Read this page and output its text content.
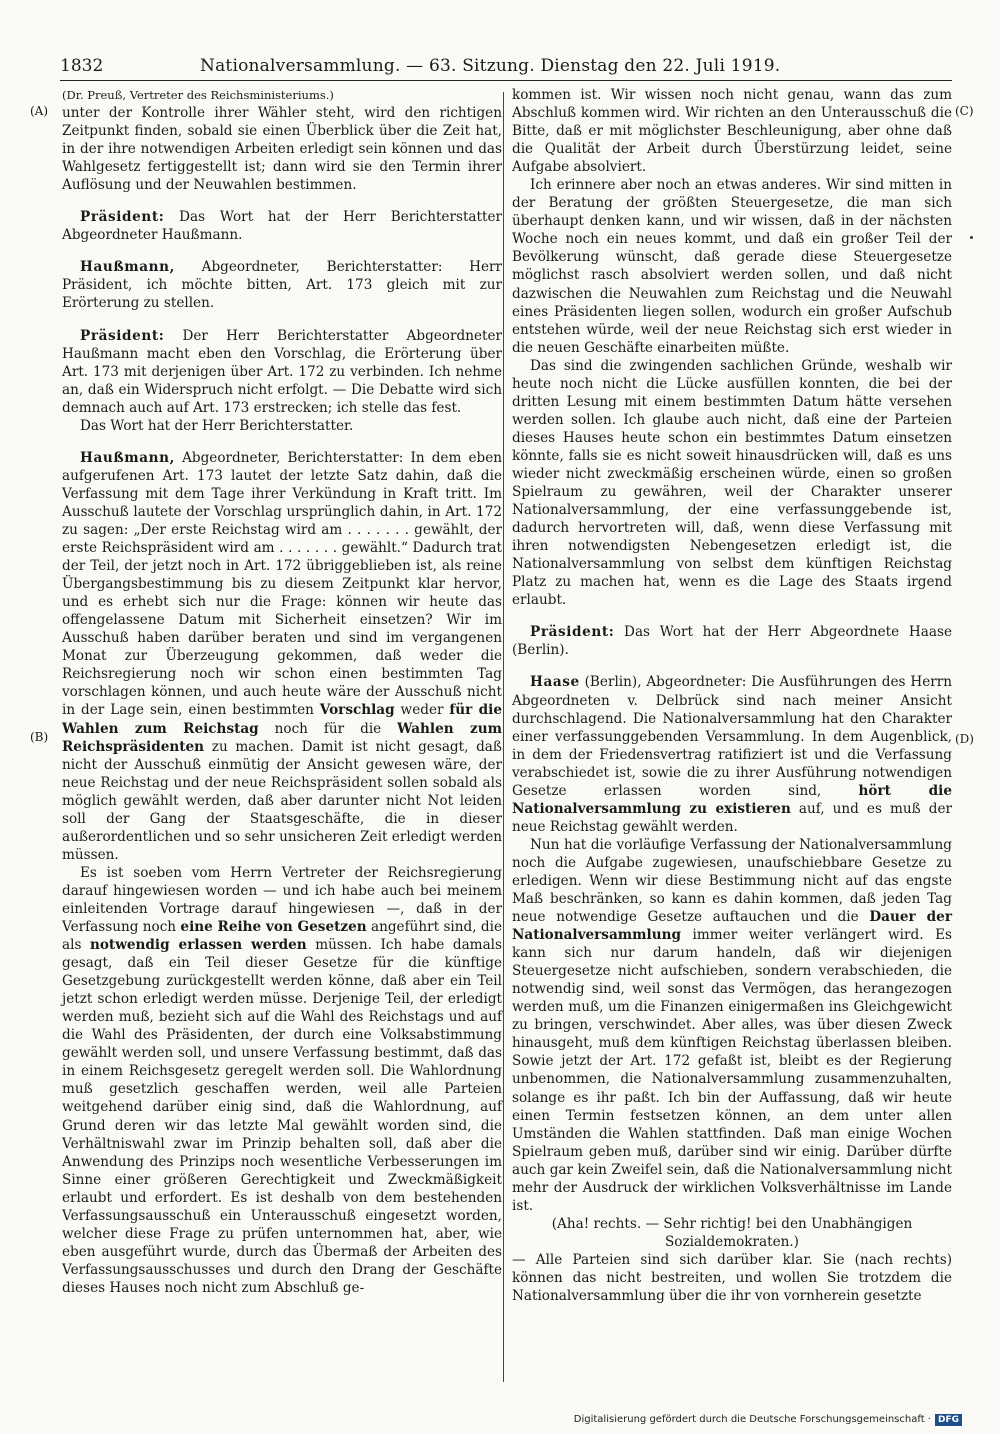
1832	Nationalversammlung. — 63. Sitzung. Dienstag den 22. Juli 1919.
(A)
(B)
(C)
(D)

(Dr. Preuß, Vertreter des Reichsministeriums.)

unter der Kontrolle ihrer Wähler steht, wird den richtigen Zeitpunkt finden, sobald sie einen Überblick über die Zeit hat, in der ihre notwendigen Arbeiten erledigt sein können und das Wahlgesetz fertiggestellt ist; dann wird sie den Termin ihrer Auflösung und der Neuwahlen bestimmen.

Präsident: Das Wort hat der Herr Berichterstatter Abgeordneter Haußmann.

Haußmann, Abgeordneter, Berichterstatter: Herr Präsident, ich möchte bitten, Art. 173 gleich mit zur Erörterung zu stellen.

Präsident: Der Herr Berichterstatter Abgeordneter Haußmann macht eben den Vorschlag, die Erörterung über Art. 173 mit derjenigen über Art. 172 zu verbinden. Ich nehme an, daß ein Widerspruch nicht erfolgt. — Die Debatte wird sich demnach auch auf Art. 173 erstrecken; ich stelle das fest.

Das Wort hat der Herr Berichterstatter.

Haußmann, Abgeordneter, Berichterstatter: In dem eben aufgerufenen Art. 173 lautet der letzte Satz dahin, daß die Verfassung mit dem Tage ihrer Verkündung in Kraft tritt. Im Ausschuß lautete der Vorschlag ursprünglich dahin, in Art. 172 zu sagen: „Der erste Reichstag wird am . . . . . . . gewählt, der erste Reichspräsident wird am . . . . . . . gewählt.“ Dadurch trat der Teil, der jetzt noch in Art. 172 übriggeblieben ist, als reine Übergangsbestimmung bis zu diesem Zeitpunkt klar hervor, und es erhebt sich nur die Frage: können wir heute das offengelassene Datum mit Sicherheit einsetzen? Wir im Ausschuß haben darüber beraten und sind im vergangenen Monat zur Überzeugung gekommen, daß weder die Reichsregierung noch wir schon einen bestimmten Tag vorschlagen können, und auch heute wäre der Ausschuß nicht in der Lage sein, einen bestimmten Vorschlag weder für die Wahlen zum Reichstag noch für die Wahlen zum Reichspräsidenten zu machen. Damit ist nicht gesagt, daß nicht der Ausschuß einmütig der Ansicht gewesen wäre, der neue Reichstag und der neue Reichspräsident sollen sobald als möglich gewählt werden, daß aber darunter nicht Not leiden soll der Gang der Staatsgeschäfte, die in dieser außerordentlichen und so sehr unsicheren Zeit erledigt werden müssen.

Es ist soeben vom Herrn Vertreter der Reichsregierung darauf hingewiesen worden — und ich habe auch bei meinem einleitenden Vortrage darauf hingewiesen —, daß in der Verfassung noch eine Reihe von Gesetzen angeführt sind, die als notwendig erlassen werden müssen. Ich habe damals gesagt, daß ein Teil dieser Gesetze für die künftige Gesetzgebung zurückgestellt werden könne, daß aber ein Teil jetzt schon erledigt werden müsse. Derjenige Teil, der erledigt werden muß, bezieht sich auf die Wahl des Reichstags und auf die Wahl des Präsidenten, der durch eine Volksabstimmung gewählt werden soll, und unsere Verfassung bestimmt, daß das in einem Reichsgesetz geregelt werden soll. Die Wahlordnung muß gesetzlich geschaffen werden, weil alle Parteien weitgehend darüber einig sind, daß die Wahlordnung, auf Grund deren wir das letzte Mal gewählt worden sind, die Verhältniswahl zwar im Prinzip behalten soll, daß aber die Anwendung des Prinzips noch wesentliche Verbesserungen im Sinne einer größeren Gerechtigkeit und Zweckmäßigkeit erlaubt und erfordert. Es ist deshalb von dem bestehenden Verfassungsausschuß ein Unterausschuß eingesetzt worden, welcher diese Frage zu prüfen unternommen hat, aber, wie eben ausgeführt wurde, durch das Übermaß der Arbeiten des Verfassungsausschusses und durch den Drang der Geschäfte dieses Hauses noch nicht zum Abschluß ge-

kommen ist. Wir wissen noch nicht genau, wann das zum Abschluß kommen wird. Wir richten an den Unterausschuß die Bitte, daß er mit möglichster Beschleunigung, aber ohne daß die Qualität der Arbeit durch Überstürzung leidet, seine Aufgabe absolviert.

Ich erinnere aber noch an etwas anderes. Wir sind mitten in der Beratung der größten Steuergesetze, die man sich überhaupt denken kann, und wir wissen, daß in der nächsten Woche noch ein neues kommt, und daß ein großer Teil der Bevölkerung wünscht, daß gerade diese Steuergesetze möglichst rasch absolviert werden sollen, und daß nicht dazwischen die Neuwahlen zum Reichstag und die Neuwahl eines Präsidenten liegen sollen, wodurch ein großer Aufschub entstehen würde, weil der neue Reichstag sich erst wieder in die neuen Geschäfte einarbeiten müßte.

Das sind die zwingenden sachlichen Gründe, weshalb wir heute noch nicht die Lücke ausfüllen konnten, die bei der dritten Lesung mit einem bestimmten Datum hätte versehen werden sollen. Ich glaube auch nicht, daß eine der Parteien dieses Hauses heute schon ein bestimmtes Datum einsetzen könnte, falls sie es nicht soweit hinausdrücken will, daß es uns wieder nicht zweckmäßig erscheinen würde, einen so großen Spielraum zu gewähren, weil der Charakter unserer Nationalversammlung, der eine verfassunggebende ist, dadurch hervortreten will, daß, wenn diese Verfassung mit ihren notwendigsten Nebengesetzen erledigt ist, die Nationalversammlung von selbst dem künftigen Reichstag Platz zu machen hat, wenn es die Lage des Staats irgend erlaubt.

Präsident: Das Wort hat der Herr Abgeordnete Haase (Berlin).

Haase (Berlin), Abgeordneter: Die Ausführungen des Herrn Abgeordneten v. Delbrück sind nach meiner Ansicht durchschlagend. Die Nationalversammlung hat den Charakter einer verfassunggebenden Versammlung. In dem Augenblick, in dem der Friedensvertrag ratifiziert ist und die Verfassung verabschiedet ist, sowie die zu ihrer Ausführung notwendigen Gesetze erlassen worden sind, hört die Nationalversammlung zu existieren auf, und es muß der neue Reichstag gewählt werden.

Nun hat die vorläufige Verfassung der Nationalversammlung noch die Aufgabe zugewiesen, unaufschiebbare Gesetze zu erledigen. Wenn wir diese Bestimmung nicht auf das engste Maß beschränken, so kann es dahin kommen, daß jeden Tag neue notwendige Gesetze auftauchen und die Dauer der Nationalversammlung immer weiter verlängert wird. Es kann sich nur darum handeln, daß wir diejenigen Steuergesetze nicht aufschieben, sondern verabschieden, die notwendig sind, weil sonst das Vermögen, das herangezogen werden muß, um die Finanzen einigermaßen ins Gleichgewicht zu bringen, verschwindet. Aber alles, was über diesen Zweck hinausgeht, muß dem künftigen Reichstag überlassen bleiben. Sowie jetzt der Art. 172 gefaßt ist, bleibt es der Regierung unbenommen, die Nationalversammlung zusammenzuhalten, solange es ihr paßt. Ich bin der Auffassung, daß wir heute einen Termin festsetzen können, an dem unter allen Umständen die Wahlen stattfinden. Daß man einige Wochen Spielraum geben muß, darüber sind wir einig. Darüber dürfte auch gar kein Zweifel sein, daß die Nationalversammlung nicht mehr der Ausdruck der wirklichen Volksverhältnisse im Lande ist.

(Aha! rechts. — Sehr richtig! bei den Unabhängigen Sozialdemokraten.)

— Alle Parteien sind sich darüber klar. Sie (nach rechts) können das nicht bestreiten, und wollen Sie trotzdem die Nationalversammlung über die ihr von vornherein gesetzte

Digitalisierung gefördert durch die Deutsche Forschungsgemeinschaft · DFG
